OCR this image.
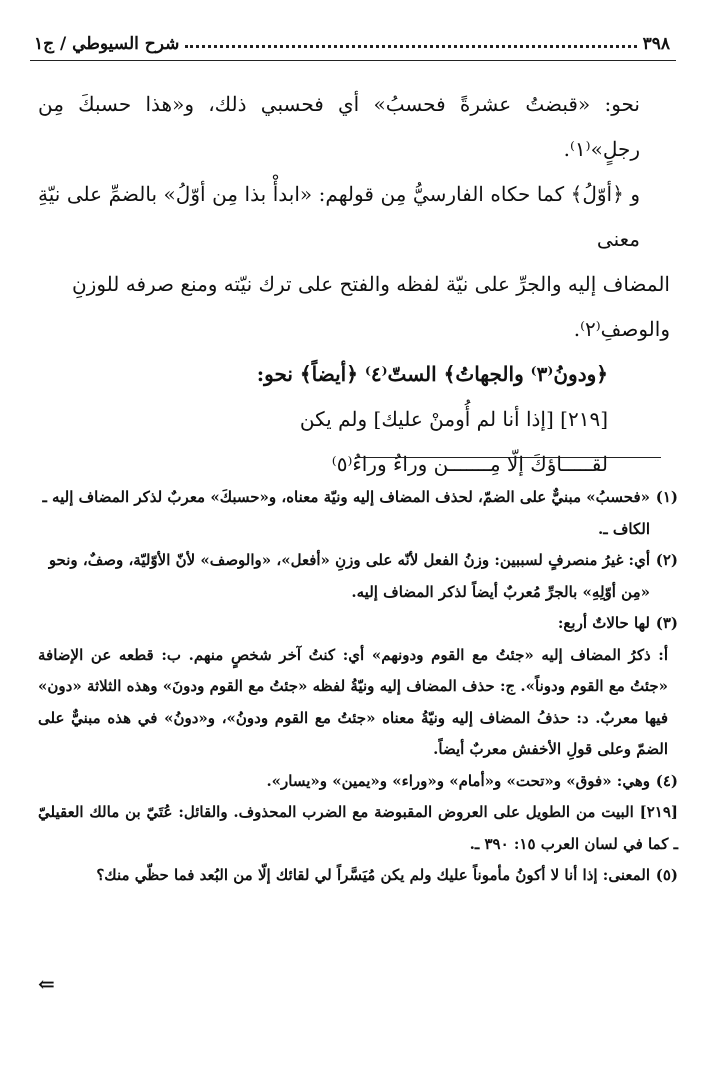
٣٩٨
شرح السيوطي / ج١

نحو: «قبضتُ عشرةً فحسبُ» أي فحسبي ذلك، و«هذا حسبكَ مِن رجلٍ»⁽١⁾.

و ﴿أوّلُ﴾ كما حكاه الفارسيُّ مِن قولهم: «ابدأْ بذا مِن أوّلُ» بالضمِّ على نيّةِ معنى

المضاف إليه والجرِّ على نيّة لفظه والفتح على ترك نيّته ومنع صرفه للوزنِ

والوصفِ⁽٢⁾.

﴿ودونُ⁽٣⁾ والجهاتُ﴾ الستّ⁽٤⁾ ﴿أيضاً﴾ نحو:

[٢١٩] [إذا أنا لم أُومنْ عليك] ولم يكن

لقـــــاؤكَ إلّا مِـــــــن وراءُ وراءُ⁽٥⁾

(١)
«فحسبُ» مبنيٌّ على الضمّ، لحذف المضاف إليه ونيّة معناه، و«حسبكَ» معربٌ لذكر المضاف إليه ـ الكاف ـ.
(٢)
أي: غيرُ منصرفٍ لسببين: وزنُ الفعل لأنّه على وزنِ «أفعل»، «والوصف» لأنّ الأوّليّة، وصفٌ، ونحو «مِن أوّلِهِ» بالجرِّ مُعربٌ أيضاً لذكر المضاف إليه.
(٣)
لها حالاتٌ أربع:

أ: ذكرُ المضاف إليه «جئتُ مع القوم ودونهم» أي: كنتُ آخر شخصٍ منهم. ب: قطعه عن الإضافة «جئتُ مع القوم ودوناً». ج: حذف المضاف إليه ونيّةُ لفظه «جئتُ مع القوم ودونَ» وهذه الثلاثة «دون» فيها معربٌ. د: حذفُ المضاف إليه ونيّةُ معناه «جئتُ مع القوم ودونُ»، و«دونُ» في هذه مبنيٌّ على الضمّ وعلى قولِ الأخفش معربٌ أيضاً.

(٤)
وهي: «فوق» و«تحت» و«أمام» و«وراء» و«يمين» و«يسار».

[٢١٩] البيت من الطويل على العروض المقبوضة مع الضرب المحذوف. والقائل: عُتَيّ بن مالك العقيليّ ـ كما في لسان العرب ١٥: ٣٩٠ ـ.

(٥)
المعنى: إذا أنا لا أكونُ مأموناً عليك ولم يكن مُيَسَّراً لي لقائك إلّا من البُعد فما حظّي منك؟
⇐
